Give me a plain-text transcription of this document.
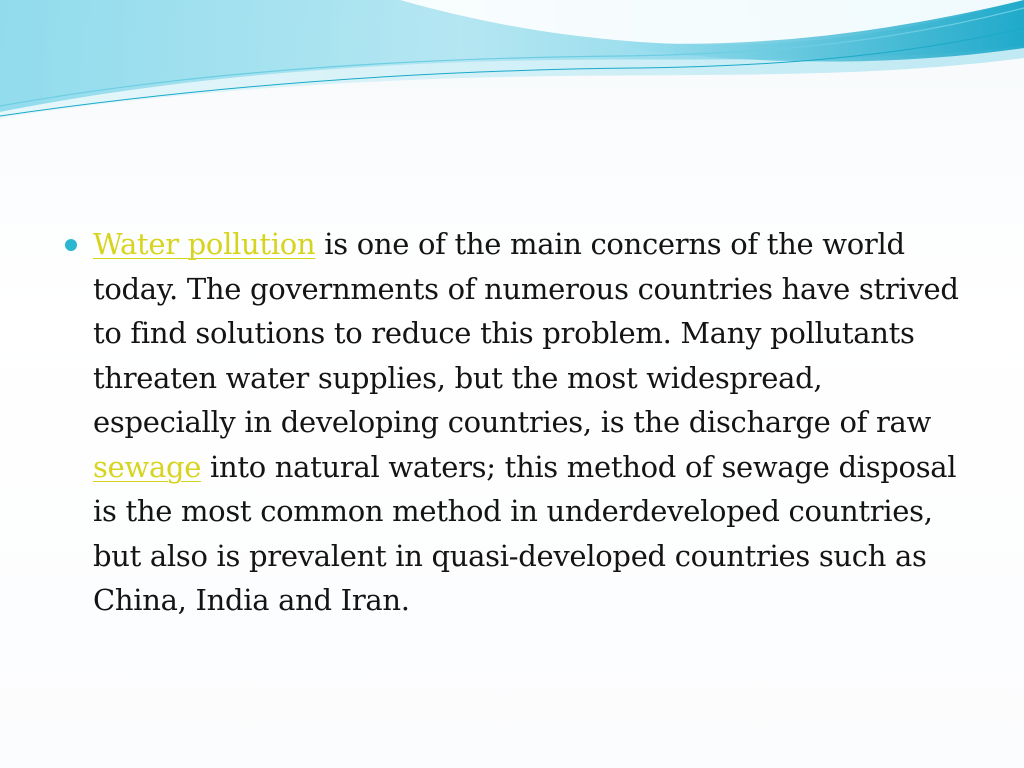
Water pollution is one of the main concerns of the world today. The governments of numerous countries have strived to find solutions to reduce this problem. Many pollutants threaten water supplies, but the most widespread, especially in developing countries, is the discharge of raw sewage into natural waters; this method of sewage disposal is the most common method in underdeveloped countries, but also is prevalent in quasi-developed countries such as China, India and Iran.
